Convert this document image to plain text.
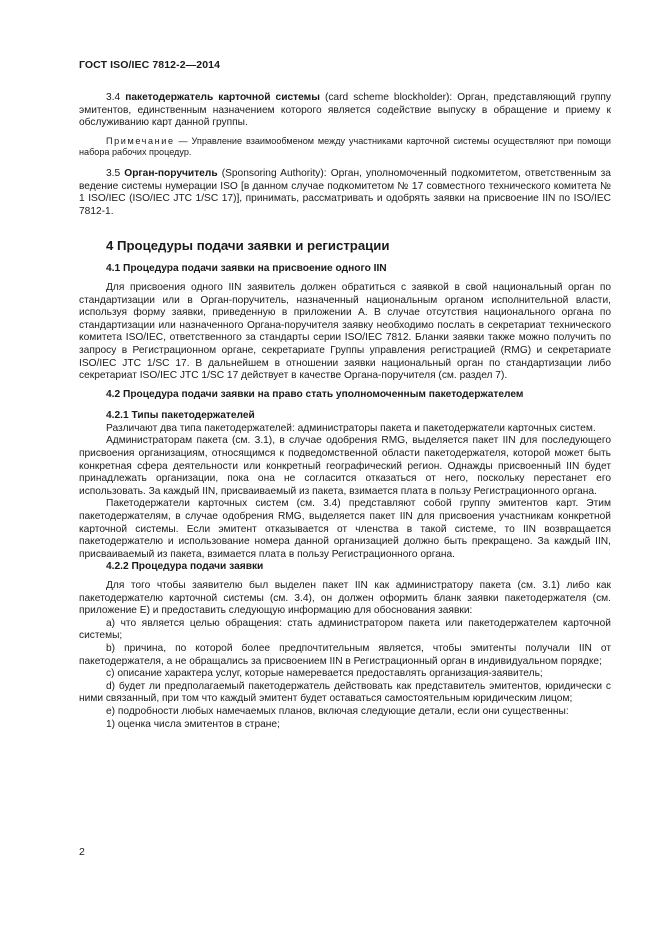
ГОСТ ISO/IEC 7812-2—2014

3.4 пакетодержатель карточной системы (card scheme blockholder): Орган, представляющий группу эмитентов, единственным назначением которого является содействие выпуску в обращение и приему к обслуживанию карт данной группы.

Примечание — Управление взаимообменом между участниками карточной системы осуществляют при помощи набора рабочих процедур.

3.5 Орган-поручитель (Sponsoring Authority): Орган, уполномоченный подкомитетом, ответственным за ведение системы нумерации ISO [в данном случае подкомитетом № 17 совместного технического комитета № 1 ISO/IEC (ISO/IEC JTC 1/SC 17)], принимать, рассматривать и одобрять заявки на присвоение IIN по ISO/IEC 7812-1.

4 Процедуры подачи заявки и регистрации
4.1 Процедура подачи заявки на присвоение одного IIN

Для присвоения одного IIN заявитель должен обратиться с заявкой в свой национальный орган по стандартизации или в Орган-поручитель, назначенный национальным органом исполнительной власти, используя форму заявки, приведенную в приложении А. В случае отсутствия национального органа по стандартизации или назначенного Органа-поручителя заявку необходимо послать в секретариат технического комитета ISO/IEC, ответственного за стандарты серии ISO/IEC 7812. Бланки заявки также можно получить по запросу в Регистрационном органе, секретариате Группы управления регистрацией (RMG) и секретариате ISO/IEC JTC 1/SC 17. В дальнейшем в отношении заявки национальный орган по стандартизации либо секретариат ISO/IEC JTC 1/SC 17 действует в качестве Органа-поручителя (см. раздел 7).

4.2 Процедура подачи заявки на право стать уполномоченным пакетодержателем
4.2.1 Типы пакетодержателей

Различают два типа пакетодержателей: администраторы пакета и пакетодержатели карточных систем.

Администраторам пакета (см. 3.1), в случае одобрения RMG, выделяется пакет IIN для последующего присвоения организациям, относящимся к подведомственной области пакетодержателя, которой может быть конкретная сфера деятельности или конкретный географический регион. Однажды присвоенный IIN будет принадлежать организации, пока она не согласится отказаться от него, поскольку перестанет его использовать. За каждый IIN, присваиваемый из пакета, взимается плата в пользу Регистрационного органа.

Пакетодержатели карточных систем (см. 3.4) представляют собой группу эмитентов карт. Этим пакетодержателям, в случае одобрения RMG, выделяется пакет IIN для присвоения участникам конкретной карточной системы. Если эмитент отказывается от членства в такой системе, то IIN возвращается пакетодержателю и использование номера данной организацией должно быть прекращено. За каждый IIN, присваиваемый из пакета, взимается плата в пользу Регистрационного органа.

4.2.2 Процедура подачи заявки

Для того чтобы заявителю был выделен пакет IIN как администратору пакета (см. 3.1) либо как пакетодержателю карточной системы (см. 3.4), он должен оформить бланк заявки пакетодержателя (см. приложение Е) и предоставить следующую информацию для обоснования заявки:

а) что является целью обращения: стать администратором пакета или пакетодержателем карточной системы;

b) причина, по которой более предпочтительным является, чтобы эмитенты получали IIN от пакетодержателя, а не обращались за присвоением IIN в Регистрационный орган в индивидуальном порядке;

с) описание характера услуг, которые намеревается предоставлять организация-заявитель;

d) будет ли предполагаемый пакетодержатель действовать как представитель эмитентов, юридически с ними связанный, при том что каждый эмитент будет оставаться самостоятельным юридическим лицом;

е) подробности любых намечаемых планов, включая следующие детали, если они существенны:

1) оценка числа эмитентов в стране;

2
